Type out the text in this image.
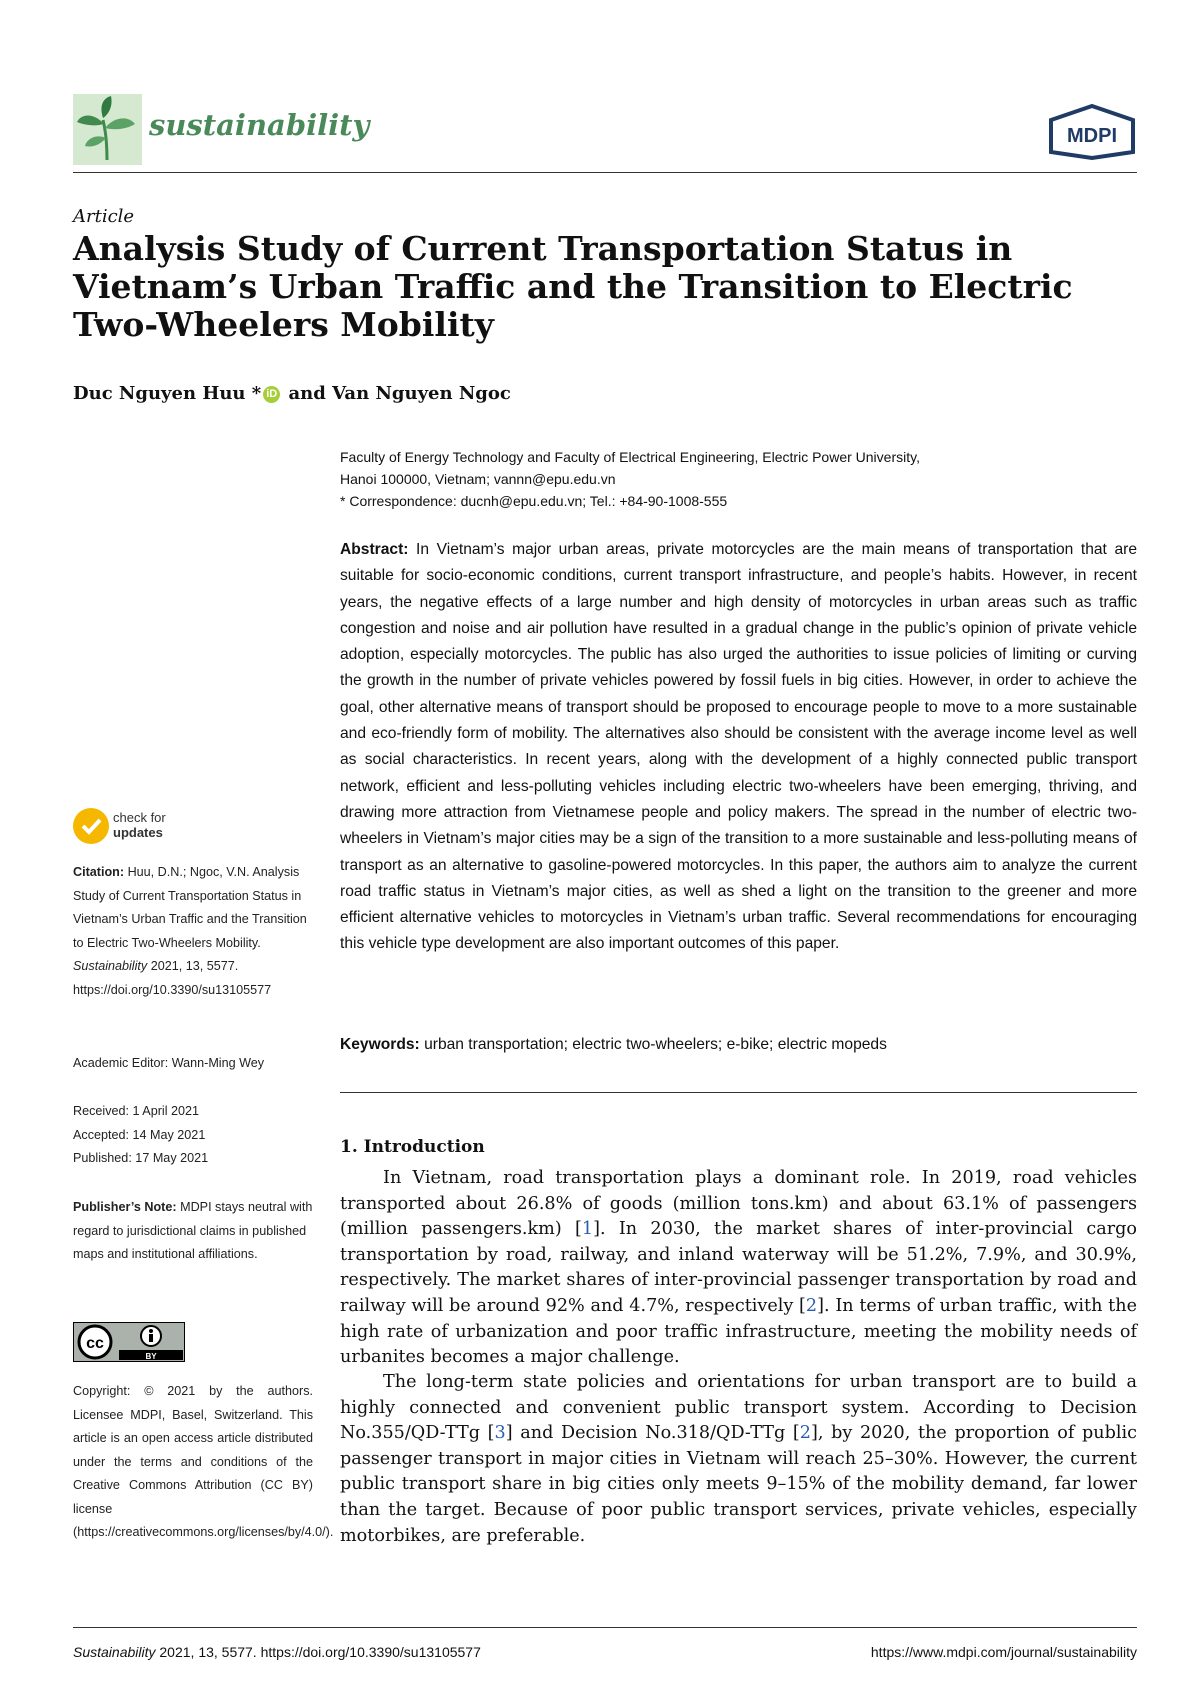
sustainability	MDPI
Article
Analysis Study of Current Transportation Status in Vietnam’s Urban Traffic and the Transition to Electric Two-Wheelers Mobility
Duc Nguyen Huu * iD and Van Nguyen Ngoc
Faculty of Energy Technology and Faculty of Electrical Engineering, Electric Power University,
Hanoi 100000, Vietnam; vannn@epu.edu.vn
* Correspondence: ducnh@epu.edu.vn; Tel.: +84-90-1008-555

Abstract: In Vietnam’s major urban areas, private motorcycles are the main means of transportation that are suitable for socio-economic conditions, current transport infrastructure, and people’s habits. However, in recent years, the negative effects of a large number and high density of motorcycles in urban areas such as traffic congestion and noise and air pollution have resulted in a gradual change in the public’s opinion of private vehicle adoption, especially motorcycles. The public has also urged the authorities to issue policies of limiting or curving the growth in the number of private vehicles powered by fossil fuels in big cities. However, in order to achieve the goal, other alternative means of transport should be proposed to encourage people to move to a more sustainable and eco-friendly form of mobility. The alternatives also should be consistent with the average income level as well as social characteristics. In recent years, along with the development of a highly connected public transport network, efficient and less-polluting vehicles including electric two-wheelers have been emerging, thriving, and drawing more attraction from Vietnamese people and policy makers. The spread in the number of electric two-wheelers in Vietnam’s major cities may be a sign of the transition to a more sustainable and less-polluting means of transport as an alternative to gasoline-powered motorcycles. In this paper, the authors aim to analyze the current road traffic status in Vietnam’s major cities, as well as shed a light on the transition to the greener and more efficient alternative vehicles to motorcycles in Vietnam’s urban traffic. Several recommendations for encouraging this vehicle type development are also important outcomes of this paper.

Keywords: urban transportation; electric two-wheelers; e-bike; electric mopeds
1. Introduction

In Vietnam, road transportation plays a dominant role. In 2019, road vehicles transported about 26.8% of goods (million tons.km) and about 63.1% of passengers (million passengers.km) [1]. In 2030, the market shares of inter-provincial cargo transportation by road, railway, and inland waterway will be 51.2%, 7.9%, and 30.9%, respectively. The market shares of inter-provincial passenger transportation by road and railway will be around 92% and 4.7%, respectively [2]. In terms of urban traffic, with the high rate of urbanization and poor traffic infrastructure, meeting the mobility needs of urbanites becomes a major challenge.

The long-term state policies and orientations for urban transport are to build a highly connected and convenient public transport system. According to Decision No.355/QD-TTg [3] and Decision No.318/QD-TTg [2], by 2020, the proportion of public passenger transport in major cities in Vietnam will reach 25–30%. However, the current public transport share in big cities only meets 9–15% of the mobility demand, far lower than the target. Because of poor public transport services, private vehicles, especially motorbikes, are preferable.

check for
updates
Citation: Huu, D.N.; Ngoc, V.N. Analysis Study of Current Transportation Status in Vietnam’s Urban Traffic and the Transition to Electric Two-Wheelers Mobility. Sustainability 2021, 13, 5577. https://doi.org/10.3390/su13105577
Academic Editor: Wann-Ming Wey
Received: 1 April 2021
Accepted: 14 May 2021
Published: 17 May 2021
Publisher’s Note: MDPI stays neutral with regard to jurisdictional claims in published maps and institutional affiliations.
cc
BY
Copyright: © 2021 by the authors. Licensee MDPI, Basel, Switzerland. This article is an open access article distributed under the terms and conditions of the Creative Commons Attribution (CC BY) license (https://creativecommons.org/licenses/by/4.0/).
Sustainability 2021, 13, 5577. https://doi.org/10.3390/su13105577	https://www.mdpi.com/journal/sustainability
